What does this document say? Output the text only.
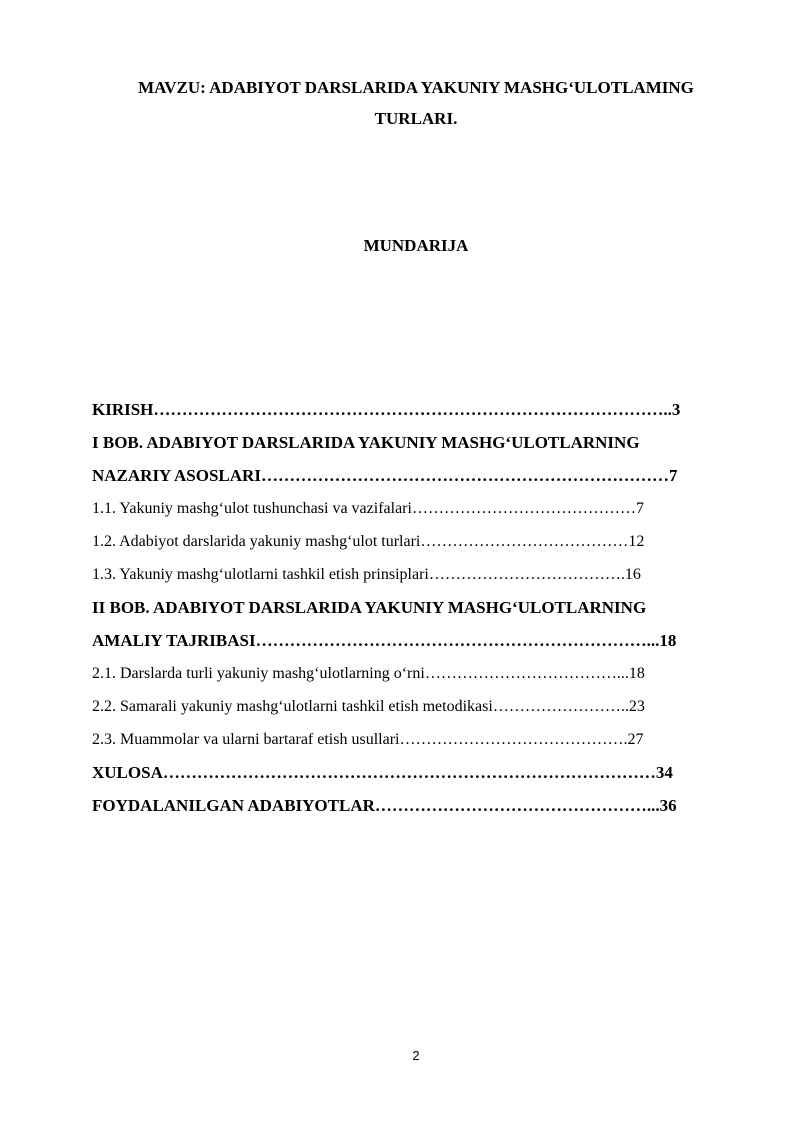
MAVZU: ADABIYOT DARSLARIDA YAKUNIY MASHG‘ULOTLAMING
TURLARI.
MUNDARIJA
KIRISH………………………………………………………………………………..3
I BOB. ADABIYOT DARSLARIDA YAKUNIY MASHG‘ULOTLARNING
NAZARIY ASOSLARI………………………………………………………………7
1.1. Yakuniy mashg‘ulot tushunchasi va vazifalari……………………………………7
1.2. Adabiyot darslarida yakuniy mashg‘ulot turlari…………………………………12
1.3. Yakuniy mashg‘ulotlarni tashkil etish prinsiplari……………………………….16
II BOB. ADABIYOT DARSLARIDA YAKUNIY MASHG‘ULOTLARNING
AMALIY TAJRIBASI……………………………………………………………...18
2.1. Darslarda turli yakuniy mashg‘ulotlarning o‘rni………………………………...18
2.2. Samarali yakuniy mashg‘ulotlarni tashkil etish metodikasi……………………..23
2.3. Muammolar va ularni bartaraf etish usullari…………………………………….27
XULOSA……………………………………………………………………………34
FOYDALANILGAN ADABIYOTLAR…………………………………………...36
2
